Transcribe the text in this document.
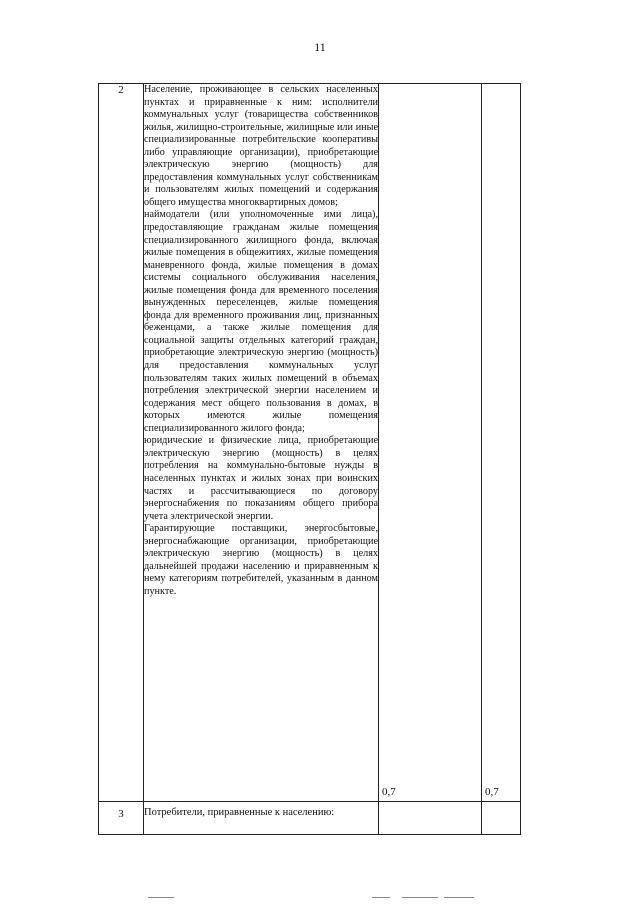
11
2	Население, проживающее в сельских населенных пунктах и приравненные к ним: исполнители коммунальных услуг (товарищества собственников жилья, жилищно-строительные, жилищные или иные специализированные потребительские кооперативы либо управляющие организации), приобретающие электрическую энергию (мощность) для предоставления коммунальных услуг собственникам и пользователям жилых помещений и содержания общего имущества многоквартирных домов;

наймодатели (или уполномоченные ими лица), предоставляющие гражданам жилые помещения специализированного жилищного фонда, включая жилые помещения в общежитиях, жилые помещения маневренного фонда, жилые помещения в домах системы социального обслуживания населения, жилые помещения фонда для временного поселения вынужденных переселенцев, жилые помещения фонда для временного проживания лиц, признанных беженцами, а также жилые помещения для социальной защиты отдельных категорий граждан, приобретающие электрическую энергию (мощность) для предоставления коммунальных услуг пользователям таких жилых помещений в объемах потребления электрической энергии населением и содержания мест общего пользования в домах, в которых имеются жилые помещения специализированного жилого фонда;

юридические и физические лица, приобретающие электрическую энергию (мощность) в целях потребления на коммунально-бытовые нужды в населенных пунктах и жилых зонах при воинских частях и рассчитывающиеся по договору энергоснабжения по показаниям общего прибора учета электрической энергии.

Гарантирующие поставщики, энергосбытовые, энергоснабжающие организации, приобретающие электрическую энергию (мощность) в целях дальнейшей продажи населению и приравненным к нему категориям потребителей, указанным в данном пункте.	0,7	0,7

3	Потребители, приравненные к населению:		
